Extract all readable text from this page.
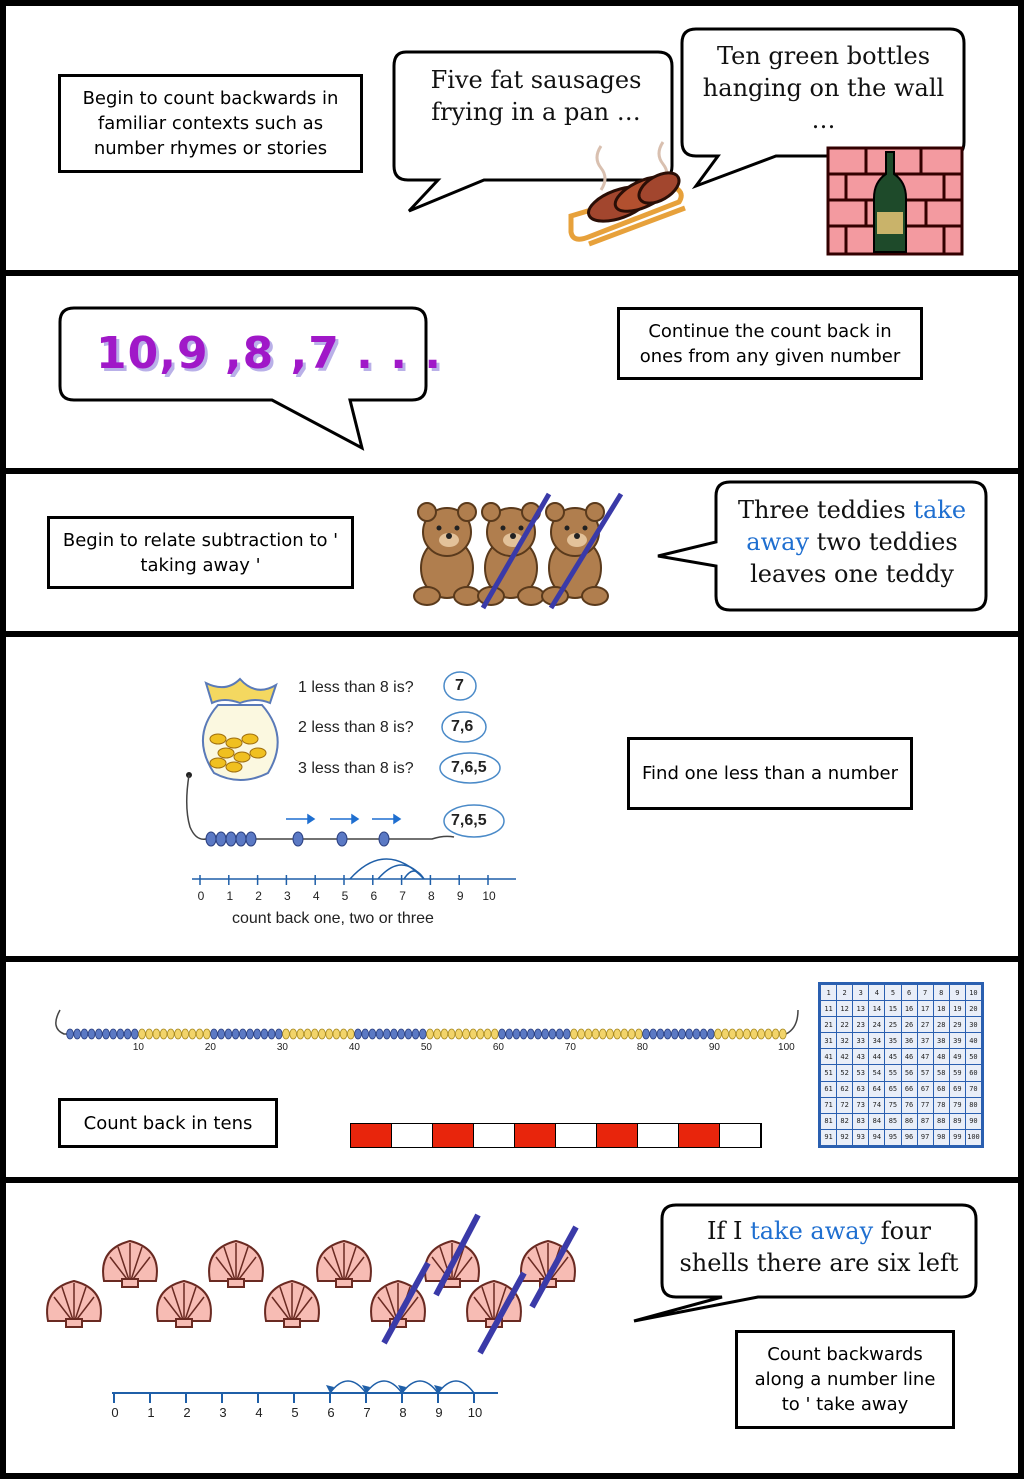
Begin to count backwards in familiar contexts such as number rhymes or stories
Five fat sausages frying in a pan …
Ten green bottles hanging on the wall …
10,9 ,8 ,7 . . .	Continue the count back in ones from any given number
Begin to relate subtraction to ' taking away '
Three teddies take away two teddies leaves one teddy
1 less than 8 is?
2 less than 8 is?
3 less than 8 is?
7
7,6
7,6,5
7,6,5
0	1	2	3	4	5	6	7	8	9	10
count back one, two or three
Find one less than a number
10	20	30	40	50	60	70	80	90	100
Count back in tens
1	2	3	4	5	6	7	8	9	10
11	12	13	14	15	16	17	18	19	20
21	22	23	24	25	26	27	28	29	30
31	32	33	34	35	36	37	38	39	40
41	42	43	44	45	46	47	48	49	50
51	52	53	54	55	56	57	58	59	60
61	62	63	64	65	66	67	68	69	70
71	72	73	74	75	76	77	78	79	80
81	82	83	84	85	86	87	88	89	90
91	92	93	94	95	96	97	98	99 100
0	1	2	3	4	5	6	7	8	9	10
If I take away four shells there are six left
Count backwards along a number line to ' take away
